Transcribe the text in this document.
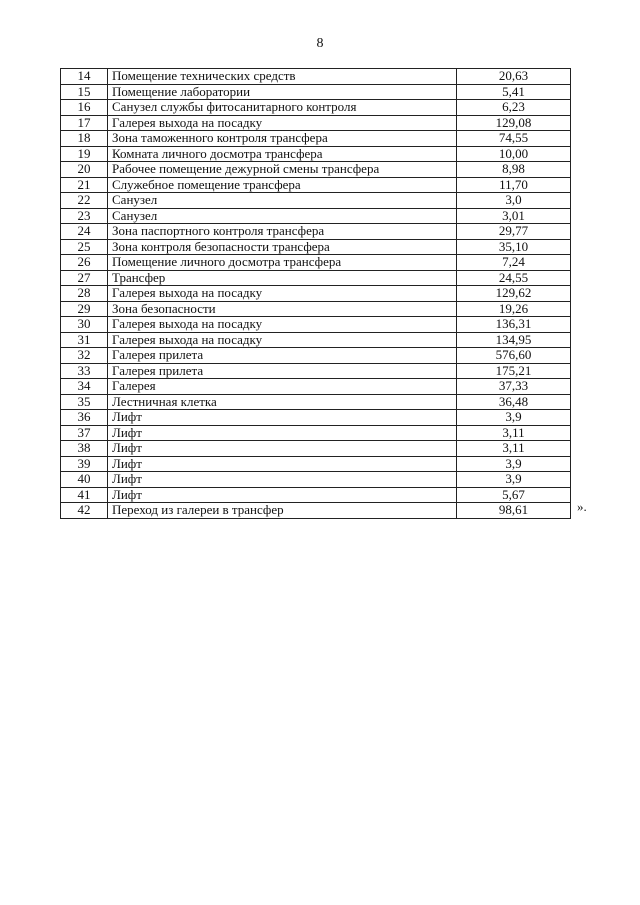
8
14	Помещение технических средств	20,63
15	Помещение лаборатории	5,41
16	Санузел службы фитосанитарного контроля	6,23
17	Галерея выхода на посадку	129,08
18	Зона таможенного контроля трансфера	74,55
19	Комната личного досмотра трансфера	10,00
20	Рабочее помещение дежурной смены трансфера	8,98
21	Служебное помещение трансфера	11,70
22	Санузел	3,0
23	Санузел	3,01
24	Зона паспортного контроля трансфера	29,77
25	Зона контроля безопасности трансфера	35,10
26	Помещение личного досмотра трансфера	7,24
27	Трансфер	24,55
28	Галерея выхода на посадку	129,62
29	Зона безопасности	19,26
30	Галерея выхода на посадку	136,31
31	Галерея выхода на посадку	134,95
32	Галерея прилета	576,60
33	Галерея прилета	175,21
34	Галерея	37,33
35	Лестничная клетка	36,48
36	Лифт	3,9
37	Лифт	3,11
38	Лифт	3,11
39	Лифт	3,9
40	Лифт	3,9
41	Лифт	5,67
42	Переход из галереи в трансфер	98,61	».
